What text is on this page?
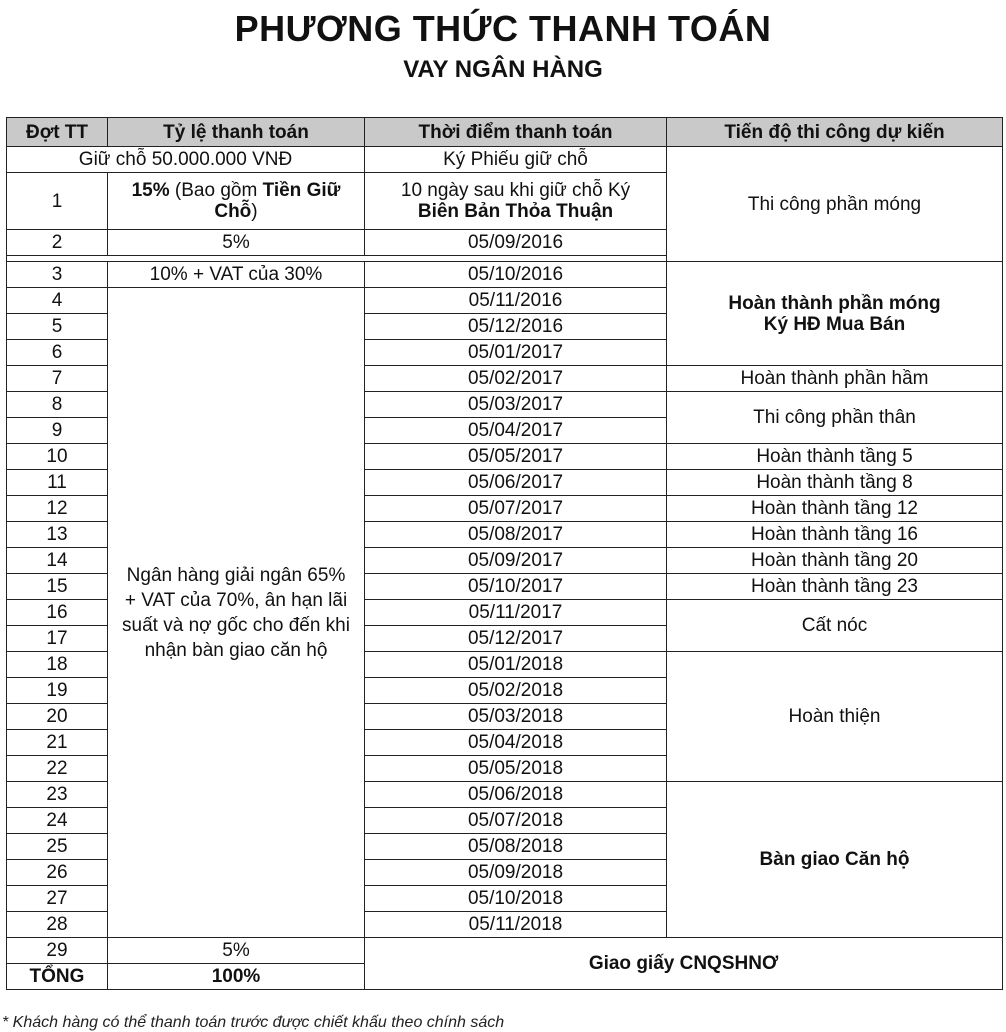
PHƯƠNG THỨC THANH TOÁN
VAY NGÂN HÀNG
Đợt TT	Tỷ lệ thanh toán	Thời điểm thanh toán	Tiến độ thi công dự kiến
Giữ chỗ 50.000.000 VNĐ		Ký Phiếu giữ chỗ	Thi công phần móng
1	15% (Bao gồm Tiền Giữ Chỗ)	10 ngày sau khi giữ chỗ Ký
Biên Bản Thỏa Thuận	

2	5%	05/09/2016	

3	10% + VAT của 30%	05/10/2016	Hoàn thành phần móng
Ký HĐ Mua Bán

4	Ngân hàng giải ngân 65% + VAT của 70%, ân hạn lãi suất và nợ gốc cho đến khi nhận bàn giao căn hộ	05/11/2016	
5		05/12/2016	
6		05/01/2017	
7		05/02/2017	Hoàn thành phần hầm
8		05/03/2017	Thi công phần thân
9		05/04/2017	
10		05/05/2017	Hoàn thành tầng 5
11		05/06/2017	Hoàn thành tầng 8
12		05/07/2017	Hoàn thành tầng 12
13		05/08/2017	Hoàn thành tầng 16
14		05/09/2017	Hoàn thành tầng 20
15		05/10/2017	Hoàn thành tầng 23
16		05/11/2017	Cất nóc
17		05/12/2017	
18		05/01/2018	Hoàn thiện
19		05/02/2018	
20		05/03/2018	
21		05/04/2018	
22		05/05/2018	
23		05/06/2018	Bàn giao Căn hộ
24		05/07/2018	
25		05/08/2018	
26		05/09/2018	
27		05/10/2018	
28		05/11/2018	
29	5%	Giao giấy CNQSHNƠ	
TỔNG	100%		
* Khách hàng có thể thanh toán trước được chiết khấu theo chính sách
